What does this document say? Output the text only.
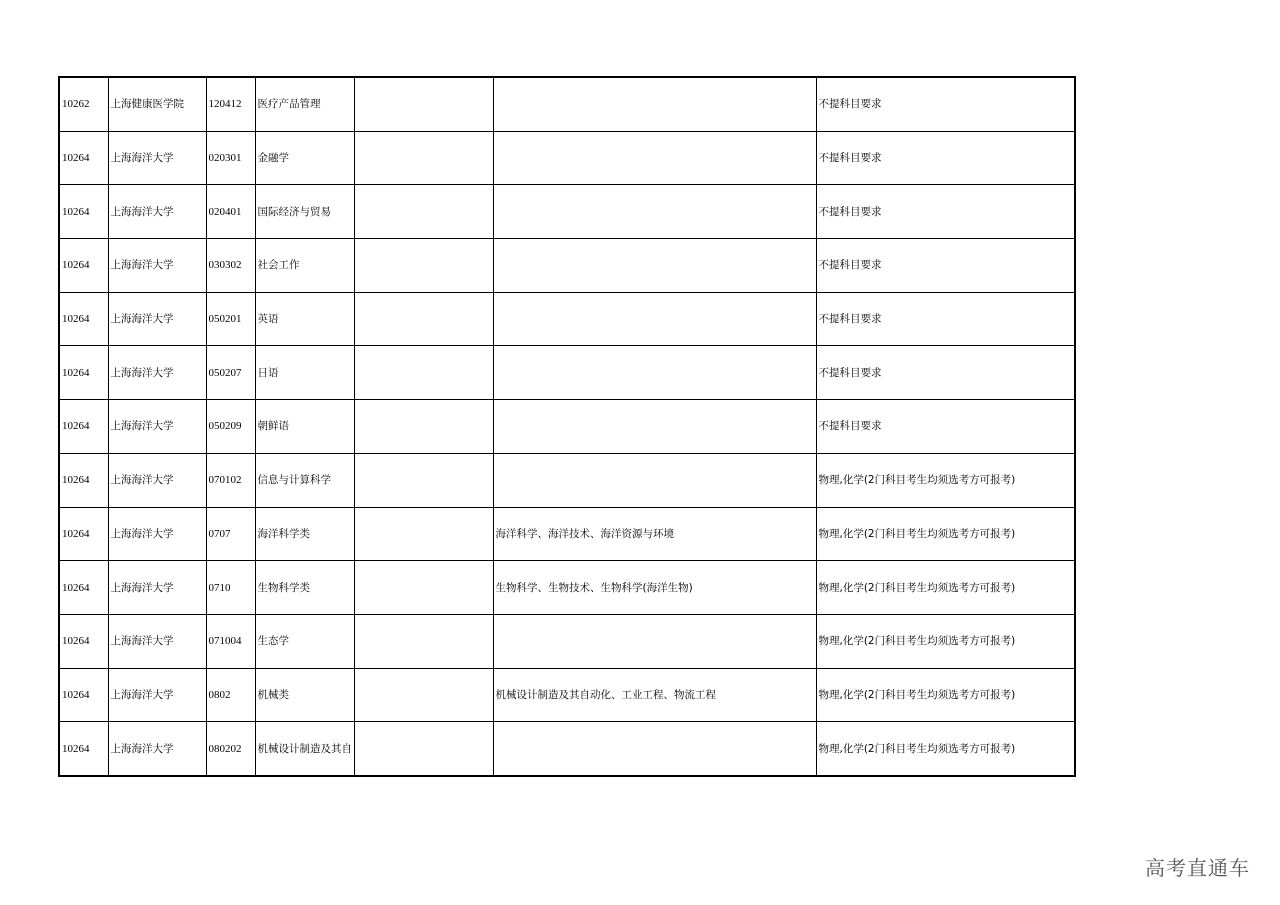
10262	上海健康医学院	120412	医疗产品管理			不提科目要求
10264	上海海洋大学	020301	金融学			不提科目要求
10264	上海海洋大学	020401	国际经济与贸易			不提科目要求
10264	上海海洋大学	030302	社会工作			不提科目要求
10264	上海海洋大学	050201	英语			不提科目要求
10264	上海海洋大学	050207	日语			不提科目要求
10264	上海海洋大学	050209	朝鲜语			不提科目要求
10264	上海海洋大学	070102	信息与计算科学			物理,化学(2门科目考生均须选考方可报考)
10264	上海海洋大学	0707	海洋科学类		海洋科学、海洋技术、海洋资源与环境	物理,化学(2门科目考生均须选考方可报考)
10264	上海海洋大学	0710	生物科学类		生物科学、生物技术、生物科学(海洋生物)	物理,化学(2门科目考生均须选考方可报考)
10264	上海海洋大学	071004	生态学			物理,化学(2门科目考生均须选考方可报考)
10264	上海海洋大学	0802	机械类		机械设计制造及其自动化、工业工程、物流工程	物理,化学(2门科目考生均须选考方可报考)
10264	上海海洋大学	080202	机械设计制造及其自			物理,化学(2门科目考生均须选考方可报考)
高考直通车
